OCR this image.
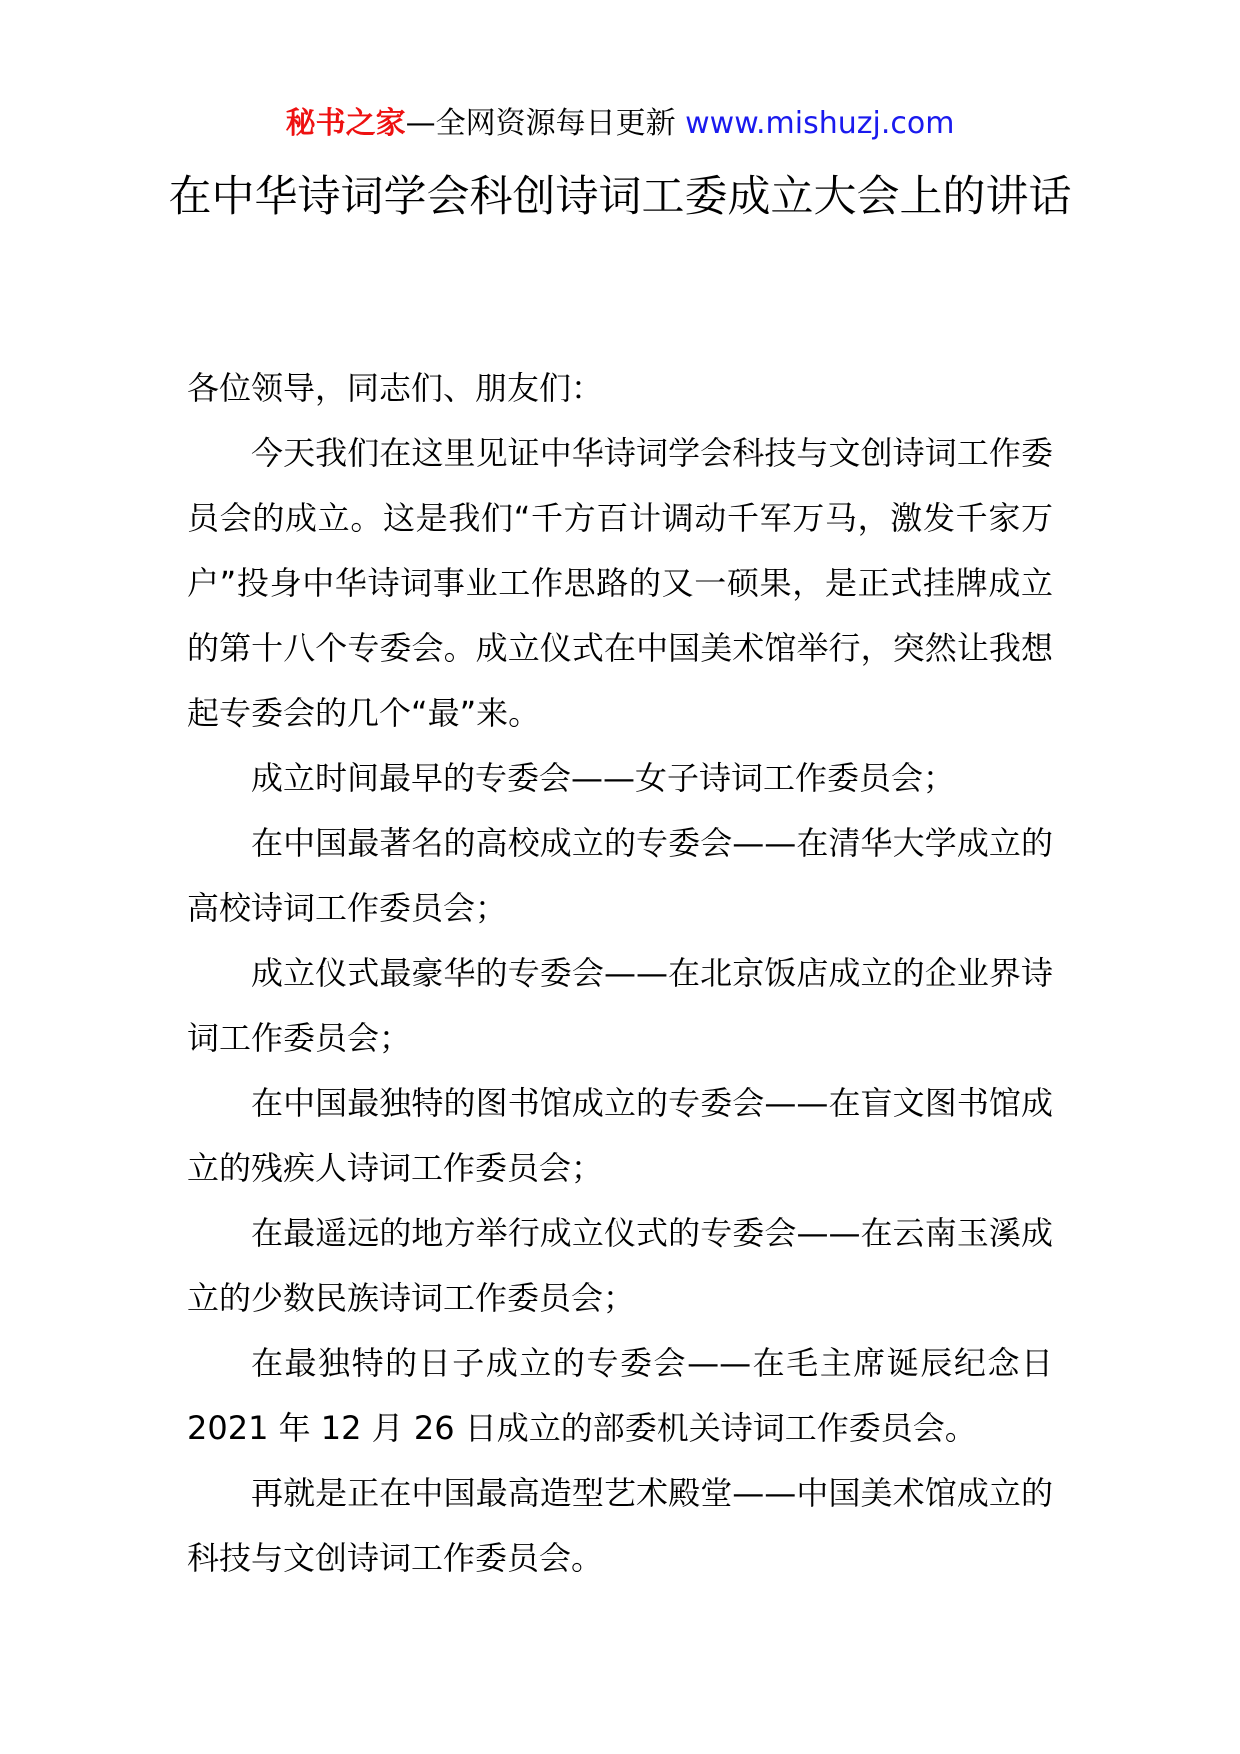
秘书之家—全网资源每日更新 www.mishuzj.com
在中华诗词学会科创诗词工委成立大会上的讲话

各位领导，同志们、朋友们：

今天我们在这里见证中华诗词学会科技与文创诗词工作委员会的成立。这是我们“千方百计调动千军万马，激发千家万户”投身中华诗词事业工作思路的又一硕果，是正式挂牌成立的第十八个专委会。成立仪式在中国美术馆举行，突然让我想起专委会的几个“最”来。

成立时间最早的专委会——女子诗词工作委员会；

在中国最著名的高校成立的专委会——在清华大学成立的高校诗词工作委员会；

成立仪式最豪华的专委会——在北京饭店成立的企业界诗词工作委员会；

在中国最独特的图书馆成立的专委会——在盲文图书馆成立的残疾人诗词工作委员会；

在最遥远的地方举行成立仪式的专委会——在云南玉溪成立的少数民族诗词工作委员会；

在最独特的日子成立的专委会——在毛主席诞辰纪念日 2021 年 12 月 26 日成立的部委机关诗词工作委员会。

再就是正在中国最高造型艺术殿堂——中国美术馆成立的科技与文创诗词工作委员会。
